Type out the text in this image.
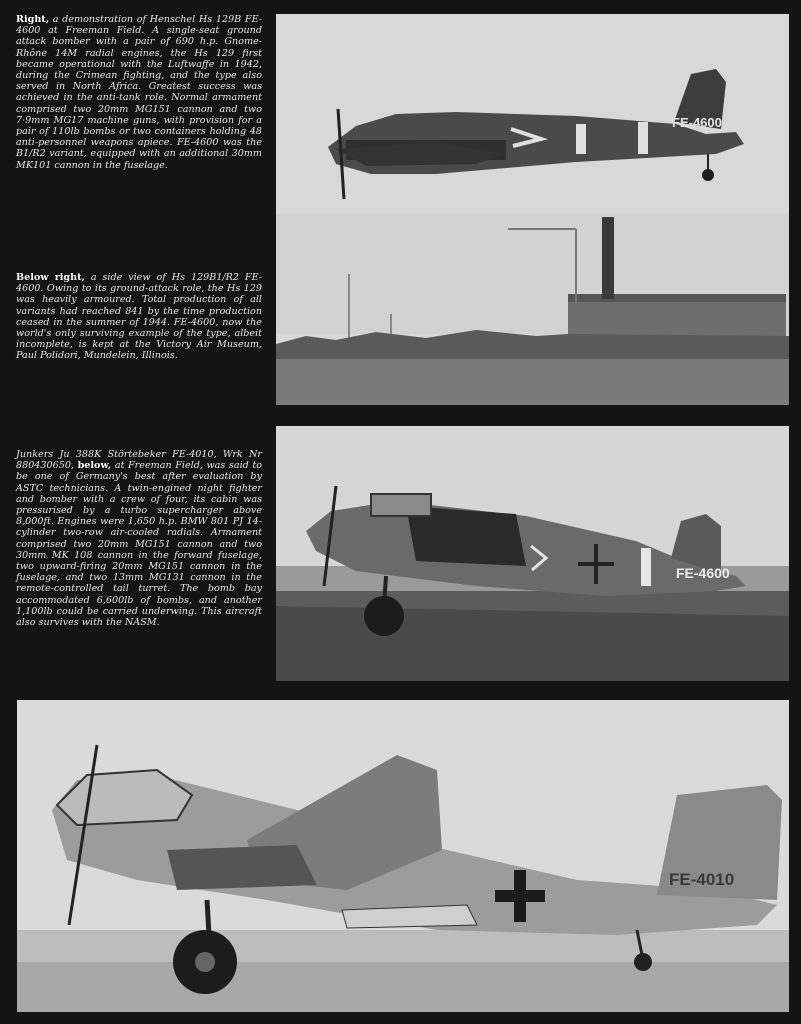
Right, a demonstration of Henschel Hs 129B FE-4600 at Freeman Field. A single-seat ground attack bomber with a pair of 690 h.p. Gnome-Rhône 14M radial engines, the Hs 129 first became operational with the Luftwaffe in 1942, during the Crimean fighting, and the type also served in North Africa. Greatest success was achieved in the anti-tank role. Normal armament comprised two 20mm MG151 cannon and two 7·9mm MG17 machine guns, with provision for a pair of 110lb bombs or two containers holding 48 anti-personnel weapons apiece. FE-4600 was the B1/R2 variant, equipped with an additional 30mm MK101 cannon in the fuselage.
Below right, a side view of Hs 129B1/R2 FE-4600. Owing to its ground-attack role, the Hs 129 was heavily armoured. Total production of all variants had reached 841 by the time production ceased in the summer of 1944. FE-4600, now the world's only surviving example of the type, albeit incomplete, is kept at the Victory Air Museum, Paul Polidori, Mundelein, Illinois.
Junkers Ju 388K Störtebeker FE-4010, Wrk Nr 880430650, below, at Freeman Field, was said to be one of Germany's best after evaluation by ASTC technicians. A twin-engined night fighter and bomber with a crew of four, its cabin was pressurised by a turbo supercharger above 8,000ft. Engines were 1,650 h.p. BMW 801 PJ 14-cylinder two-row air-cooled radials. Armament comprised two 20mm MG151 cannon and two 30mm MK 108 cannon in the forward fuselage, two upward-firing 20mm MG151 cannon in the fuselage, and two 13mm MG131 cannon in the remote-controlled tail turret. The bomb bay accommodated 6,600lb of bombs, and another 1,100lb could be carried underwing. This aircraft also survives with the NASM.
FE-4600
FE-4600
FE-4010
